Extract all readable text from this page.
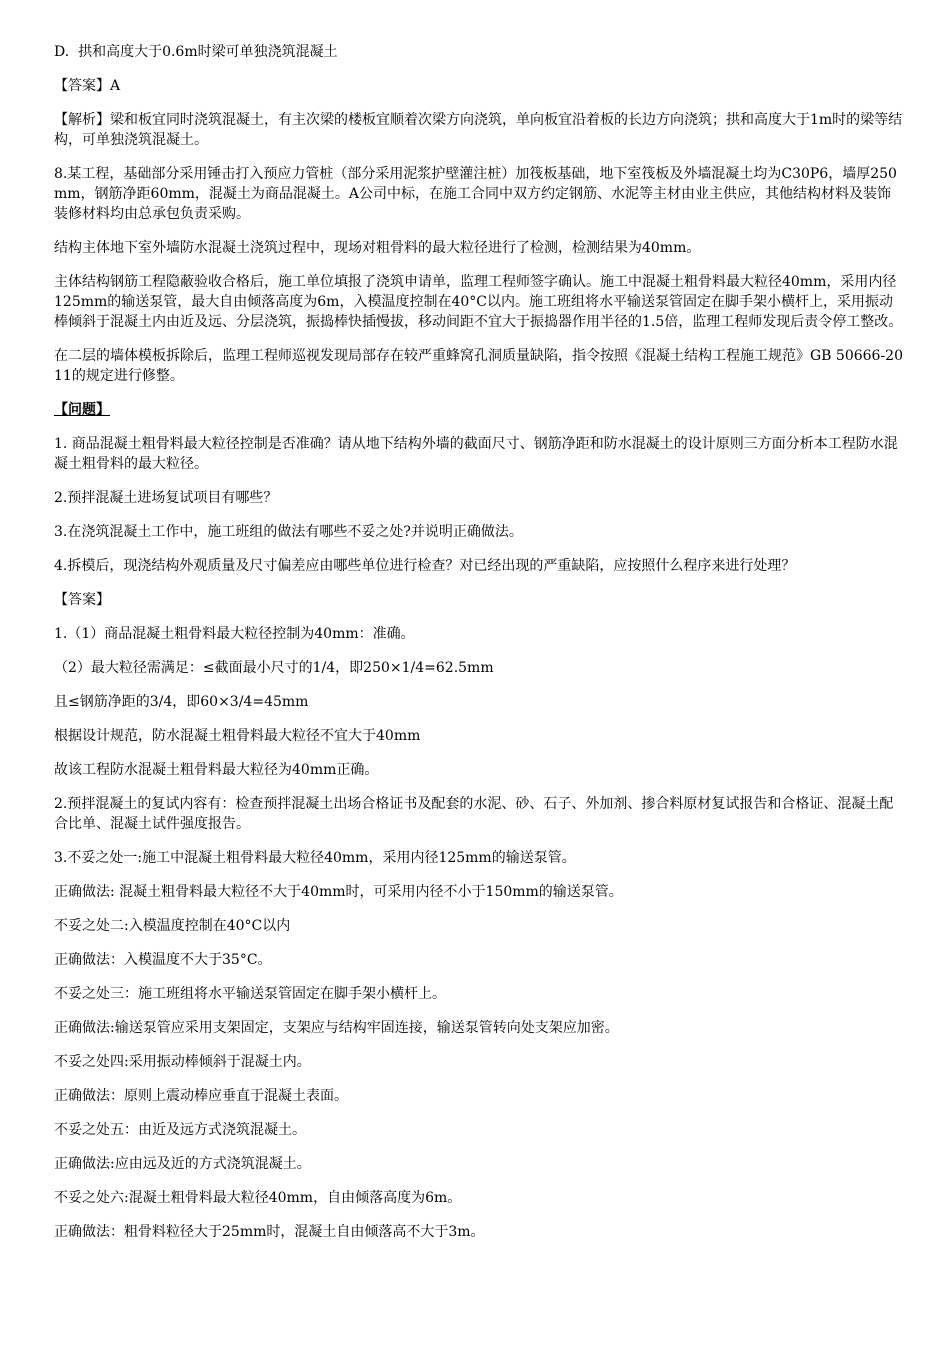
D.  拱和高度大于0.6m时梁可单独浇筑混凝土

【答案】A

【解析】梁和板宜同时浇筑混凝土，有主次梁的楼板宜顺着次梁方向浇筑，单向板宜沿着板的长边方向浇筑；拱和高度大于1m时的梁等结构，可单独浇筑混凝土。

8.某工程，基础部分采用锤击打入预应力管桩（部分采用泥浆护壁灌注桩）加筏板基础，地下室筏板及外墙混凝土均为C30P6，墙厚250mm，钢筋净距60mm，混凝土为商品混凝土。A公司中标，在施工合同中双方约定钢筋、水泥等主材由业主供应，其他结构材料及装饰装修材料均由总承包负责采购。

结构主体地下室外墙防水混凝土浇筑过程中，现场对粗骨料的最大粒径进行了检测，检测结果为40mm。

主体结构钢筋工程隐蔽验收合格后，施工单位填报了浇筑申请单，监理工程师签字确认。施工中混凝土粗骨料最大粒径40mm，采用内径125mm的输送泵管，最大自由倾落高度为6m，入模温度控制在40°C以内。施工班组将水平输送泵管固定在脚手架小横杆上，采用振动棒倾斜于混凝土内由近及远、分层浇筑，振捣棒快插慢拔，移动间距不宜大于振捣器作用半径的1.5倍，监理工程师发现后责令停工整改。

在二层的墙体模板拆除后，监理工程师巡视发现局部存在较严重蜂窝孔洞质量缺陷，指令按照《混凝土结构工程施工规范》GB 50666-2011的规定进行修整。

【问题】

1. 商品混凝土粗骨料最大粒径控制是否准确？请从地下结构外墙的截面尺寸、钢筋净距和防水混凝土的设计原则三方面分析本工程防水混凝土粗骨料的最大粒径。

2.预拌混凝土进场复试项目有哪些？

3.在浇筑混凝土工作中，施工班组的做法有哪些不妥之处?并说明正确做法。

4.拆模后，现浇结构外观质量及尺寸偏差应由哪些单位进行检查？对已经出现的严重缺陷，应按照什么程序来进行处理？

【答案】

1.（1）商品混凝土粗骨料最大粒径控制为40mm：准确。

（2）最大粒径需满足：≤截面最小尺寸的1/4，即250×1/4=62.5mm

且≤钢筋净距的3/4，即60×3/4=45mm

根据设计规范，防水混凝土粗骨料最大粒径不宜大于40mm

故该工程防水混凝土粗骨料最大粒径为40mm正确。

2.预拌混凝土的复试内容有：检查预拌混凝土出场合格证书及配套的水泥、砂、石子、外加剂、掺合料原材复试报告和合格证、混凝土配合比单、混凝土试件强度报告。

3.不妥之处一:施工中混凝土粗骨料最大粒径40mm，采用内径125mm的输送泵管。

正确做法: 混凝土粗骨料最大粒径不大于40mm时，可采用内径不小于150mm的输送泵管。

不妥之处二:入模温度控制在40°C以内

正确做法：入模温度不大于35°C。

不妥之处三：施工班组将水平输送泵管固定在脚手架小横杆上。

正确做法:输送泵管应采用支架固定，支架应与结构牢固连接，输送泵管转向处支架应加密。

不妥之处四:采用振动棒倾斜于混凝土内。

正确做法：原则上震动棒应垂直于混凝土表面。

不妥之处五：由近及远方式浇筑混凝土。

正确做法:应由远及近的方式浇筑混凝土。

不妥之处六:混凝土粗骨料最大粒径40mm，自由倾落高度为6m。

正确做法：粗骨料粒径大于25mm时，混凝土自由倾落高不大于3m。
